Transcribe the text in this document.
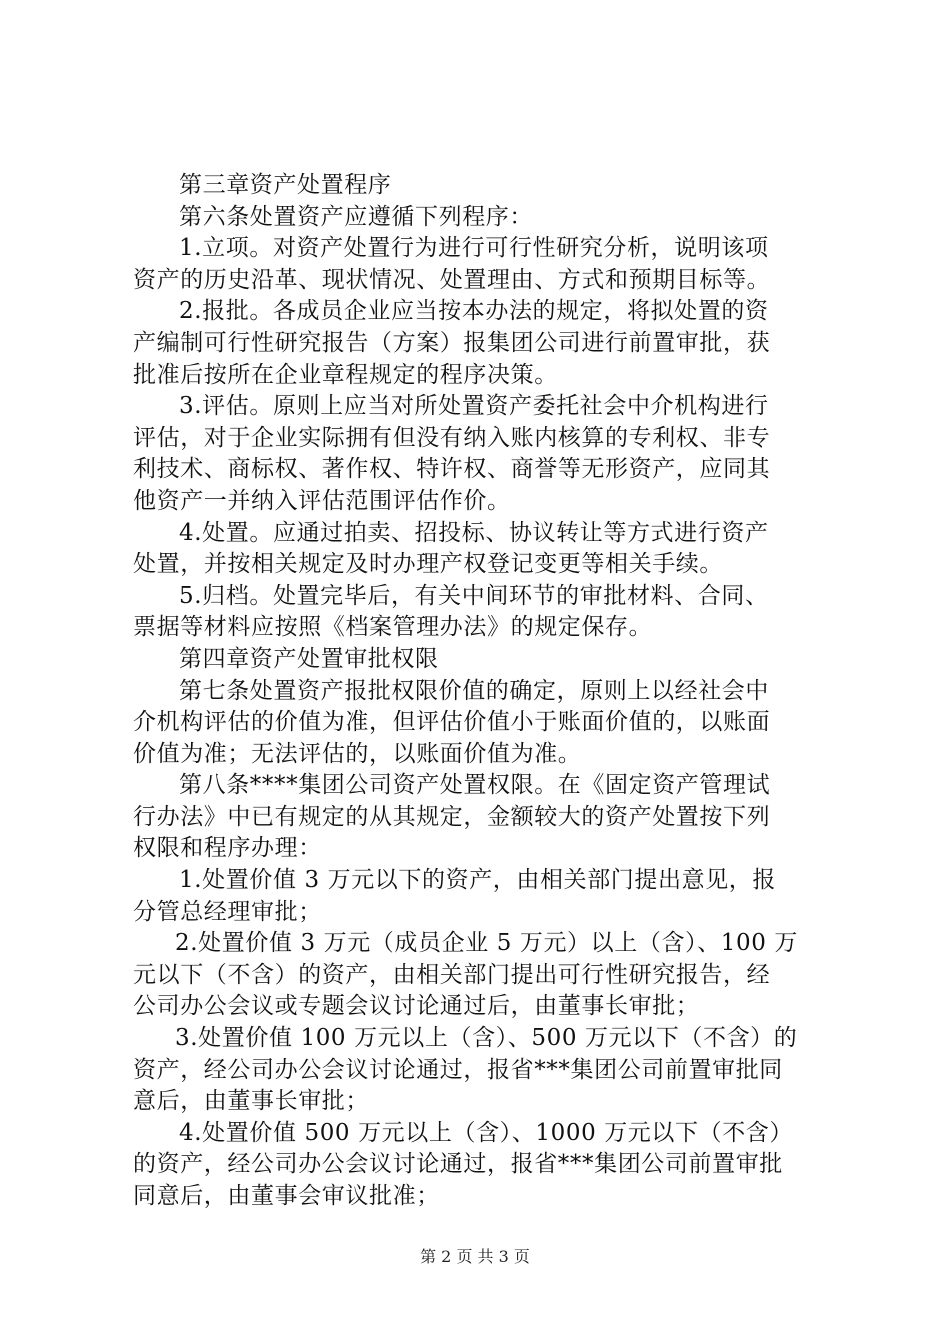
第三章资产处置程序
第六条处置资产应遵循下列程序：
1.立项。对资产处置行为进行可行性研究分析，说明该项
资产的历史沿革、现状情况、处置理由、方式和预期目标等。
2.报批。各成员企业应当按本办法的规定，将拟处置的资
产编制可行性研究报告（方案）报集团公司进行前置审批，获
批准后按所在企业章程规定的程序决策。
3.评估。原则上应当对所处置资产委托社会中介机构进行
评估，对于企业实际拥有但没有纳入账内核算的专利权、非专
利技术、商标权、著作权、特许权、商誉等无形资产，应同其
他资产一并纳入评估范围评估作价。
4.处置。应通过拍卖、招投标、协议转让等方式进行资产
处置，并按相关规定及时办理产权登记变更等相关手续。
5.归档。处置完毕后，有关中间环节的审批材料、合同、
票据等材料应按照《档案管理办法》的规定保存。
第四章资产处置审批权限
第七条处置资产报批权限价值的确定，原则上以经社会中
介机构评估的价值为准，但评估价值小于账面价值的，以账面
价值为准；无法评估的，以账面价值为准。
第八条****集团公司资产处置权限。在《固定资产管理试
行办法》中已有规定的从其规定，金额较大的资产处置按下列
权限和程序办理：
1.处置价值 3 万元以下的资产，由相关部门提出意见，报
分管总经理审批；
2.处置价值 3 万元（成员企业 5 万元）以上（含）、100 万
元以下（不含）的资产，由相关部门提出可行性研究报告，经
公司办公会议或专题会议讨论通过后，由董事长审批；
3.处置价值 100 万元以上（含）、500 万元以下（不含）的
资产，经公司办公会议讨论通过，报省***集团公司前置审批同
意后，由董事长审批；
4.处置价值 500 万元以上（含）、1000 万元以下（不含）
的资产，经公司办公会议讨论通过，报省***集团公司前置审批
同意后，由董事会审议批准；
第 2 页 共 3 页
